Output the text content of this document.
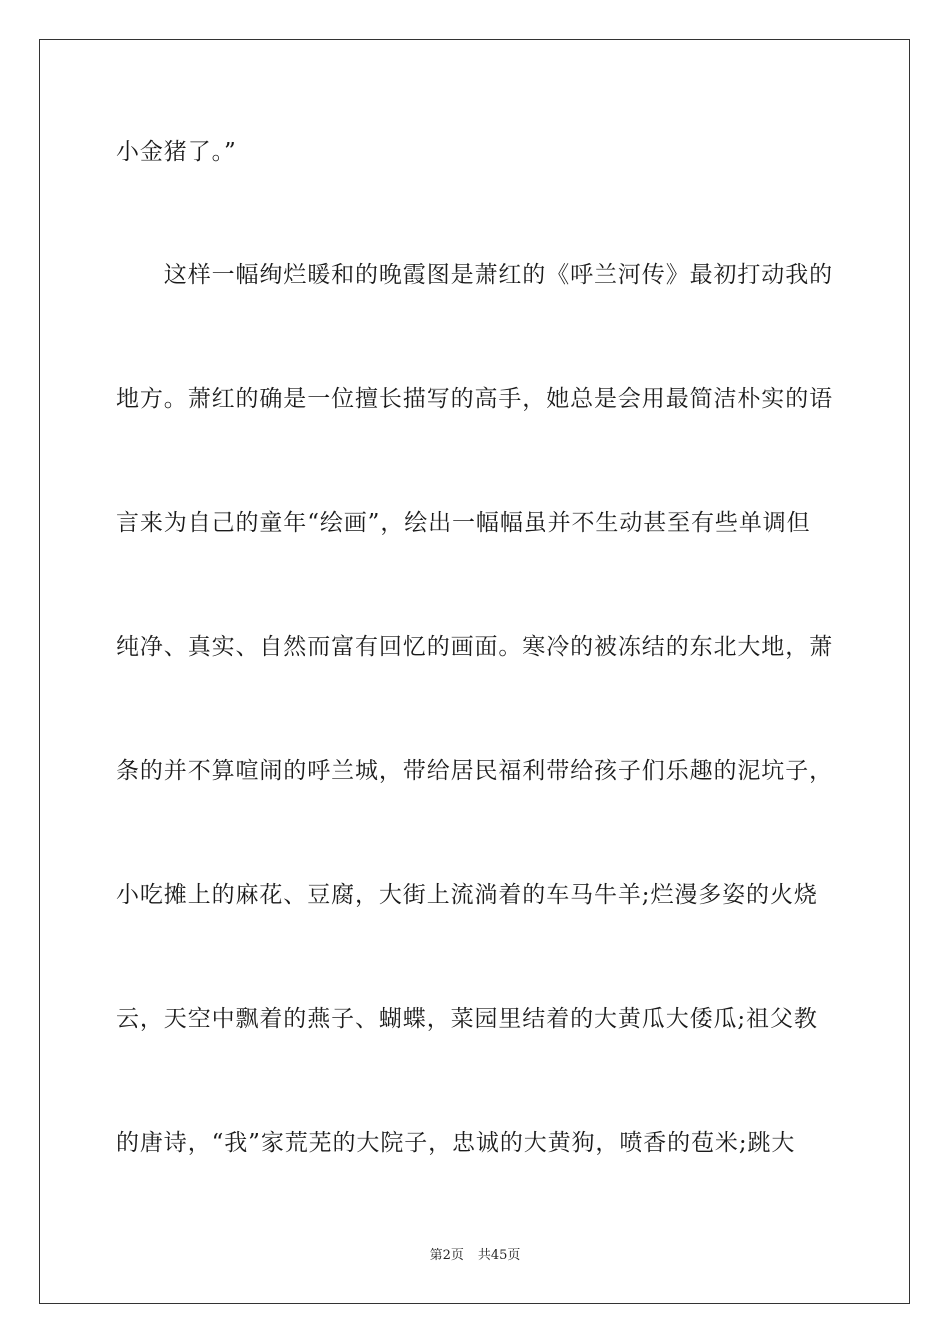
小金猪了。”
　　这样一幅绚烂暖和的晚霞图是萧红的《呼兰河传》最初打动我的
地方。萧红的确是一位擅长描写的高手，她总是会用最简洁朴实的语
言来为自己的童年“绘画”，绘出一幅幅虽并不生动甚至有些单调但
纯净、真实、自然而富有回忆的画面。寒冷的被冻结的东北大地，萧
条的并不算喧闹的呼兰城，带给居民福利带给孩子们乐趣的泥坑子，
小吃摊上的麻花、豆腐，大街上流淌着的车马牛羊;烂漫多姿的火烧
云，天空中飘着的燕子、蝴蝶，菜园里结着的大黄瓜大倭瓜;祖父教
的唐诗，“我”家荒芜的大院子，忠诚的大黄狗，喷香的苞米;跳大
第2页 共45页
